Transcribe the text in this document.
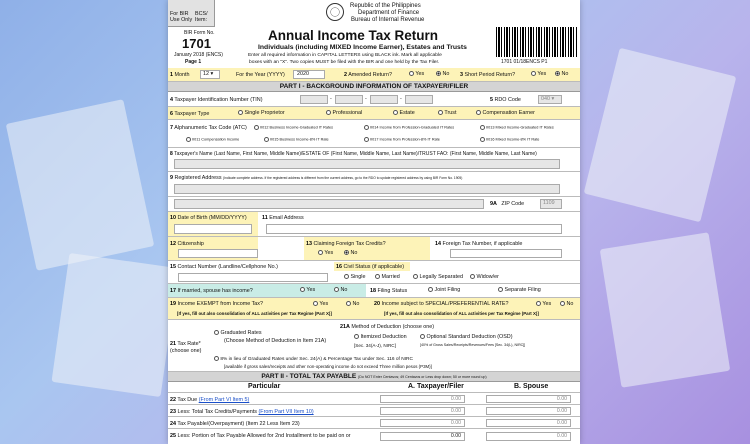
For BIR
Use Only
BCS/
Item:
Republic of the Philippines
Department of Finance
Bureau of Internal Revenue
BIR Form No.
1701
January 2018 (ENCS)
Page 1
Annual Income Tax Return
Individuals (including MIXED Income Earner), Estates and Trusts
Enter all required information in CAPITAL LETTERS using BLACK ink. Mark all applicable
boxes with an "X". Two copies MUST be filed with the BIR and one held by the Tax Filer.	1701 01/18ENCS P1
1 Month	12 ▾	For the Year (YYYY)	2020	2 Amended Return?	Yes	No 3 Short Period Return?	Yes	No
PART I - BACKGROUND INFORMATION OF TAXPAYER/FILER
4 Taxpayer Identification Number (TIN)	-	-	-	5 RDO Code	040 ▾
6 Taxpayer Type	Single Proprietor	Professional	Estate	Trust	Compensation Earner
7 Alphanumeric Tax Code (ATC)	II012 Business Income-Graduated IT Rates	II014 Income from Profession-Graduated IT Rates	II013 Mixed Income-Graduated IT Rates
II011 Compensation Income	II015 Business Income-8% IT Rate	II017 Income from Profession-8% IT Rate	II016 Mixed Income-8% IT Rate
8 Taxpayer's Name (Last Name, First Name, Middle Name)/ESTATE OF (First Name, Middle Name, Last Name)/TRUST FAO: (First Name, Middle Name, Last Name)
9 Registered Address (Indicate complete address. If the registered address is different from the current address, go to the RDO to update registered address by using BIR Form No. 1905)
9A ZIP Code	1109
10 Date of Birth (MM/DD/YYYY)	11 Email Address
12 Citizenship	13 Claiming Foreign Tax Credits?
Yes	No
14 Foreign Tax Number, if applicable
15 Contact Number (Landline/Cellphone No.)	16 Civil Status (if applicable)
Single	Married	Legally Separated	Widow/er
17 If married, spouse has income?	Yes	No	18 Filing Status	Joint Filing	Separate Filing
19 Income EXEMPT from Income Tax?	Yes	No
[If yes, fill out also consolidation of ALL activities per Tax Regime (Part X)]
20 Income subject to SPECIAL/PREFERENTIAL RATE?	Yes	No
[If yes, fill out also consolidation of ALL activities per Tax Regime (Part X)]
21 Tax Rate*
(choose one)
Graduated Rates
(Choose Method of Deduction in Item 21A)
21A Method of Deduction (choose one)
Itemized Deduction	Optional Standard Deduction (OSD)
[Sec. 34(A-J), NIRC]	[40% of Gross Sales/Receipts/Revenues/Fees [Sec. 34(L), NIRC]]
8% in lieu of Graduated Rates under Sec. 24(A) & Percentage Tax under Sec. 116 of NIRC
[available if gross sales/receipts and other non-operating income do not exceed Three million pesos (P3M)]
PART II - TOTAL TAX PAYABLE (Do NOT Enter Centavos; 49 Centavos or Less drop down; 50 or more round up)
Particular	A. Taxpayer/Filer	B. Spouse
22 Tax Due (From Part VI Item 5)	0.00	0.00
23 Less: Total Tax Credits/Payments (From Part VII Item 10)	0.00	0.00
24 Tax Payable/(Overpayment) (Item 22 Less Item 23)	0.00	0.00
25 Less: Portion of Tax Payable Allowed for 2nd Installment to be paid on or	0.00	0.00
